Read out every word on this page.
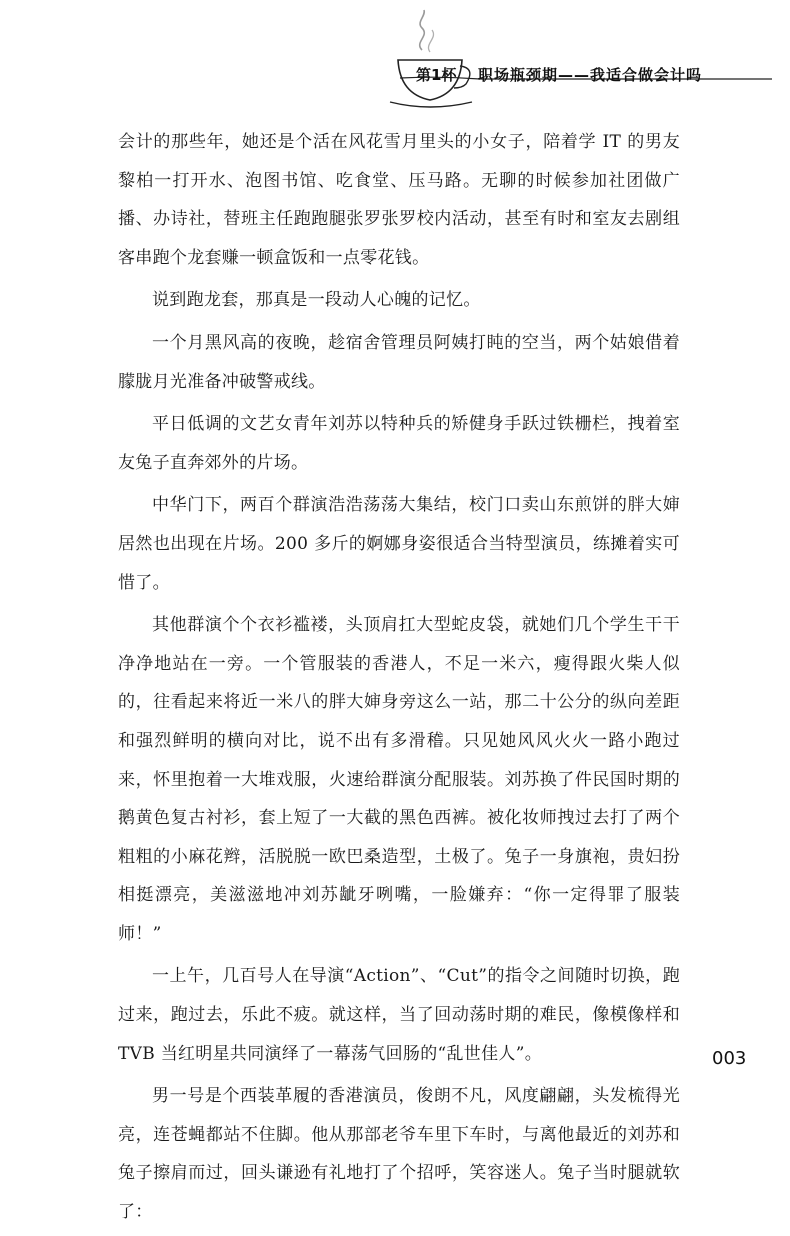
第1杯 职场瓶颈期——我适合做会计吗

会计的那些年，她还是个活在风花雪月里头的小女子，陪着学 IT 的男友黎柏一打开水、泡图书馆、吃食堂、压马路。无聊的时候参加社团做广播、办诗社，替班主任跑跑腿张罗张罗校内活动，甚至有时和室友去剧组客串跑个龙套赚一顿盒饭和一点零花钱。

说到跑龙套，那真是一段动人心魄的记忆。

一个月黑风高的夜晚，趁宿舍管理员阿姨打盹的空当，两个姑娘借着朦胧月光准备冲破警戒线。

平日低调的文艺女青年刘苏以特种兵的矫健身手跃过铁栅栏，拽着室友兔子直奔郊外的片场。

中华门下，两百个群演浩浩荡荡大集结，校门口卖山东煎饼的胖大婶居然也出现在片场。200 多斤的婀娜身姿很适合当特型演员，练摊着实可惜了。

其他群演个个衣衫褴褛，头顶肩扛大型蛇皮袋，就她们几个学生干干净净地站在一旁。一个管服装的香港人，不足一米六，瘦得跟火柴人似的，往看起来将近一米八的胖大婶身旁这么一站，那二十公分的纵向差距和强烈鲜明的横向对比，说不出有多滑稽。只见她风风火火一路小跑过来，怀里抱着一大堆戏服，火速给群演分配服装。刘苏换了件民国时期的鹅黄色复古衬衫，套上短了一大截的黑色西裤。被化妆师拽过去打了两个粗粗的小麻花辫，活脱脱一欧巴桑造型，土极了。兔子一身旗袍，贵妇扮相挺漂亮，美滋滋地冲刘苏龇牙咧嘴，一脸嫌弃：“你一定得罪了服装师！”

一上午，几百号人在导演“Action”、“Cut”的指令之间随时切换，跑过来，跑过去，乐此不疲。就这样，当了回动荡时期的难民，像模像样和 TVB 当红明星共同演绎了一幕荡气回肠的“乱世佳人”。

男一号是个西装革履的香港演员，俊朗不凡，风度翩翩，头发梳得光亮，连苍蝇都站不住脚。他从那部老爷车里下车时，与离他最近的刘苏和兔子擦肩而过，回头谦逊有礼地打了个招呼，笑容迷人。兔子当时腿就软了：

003
